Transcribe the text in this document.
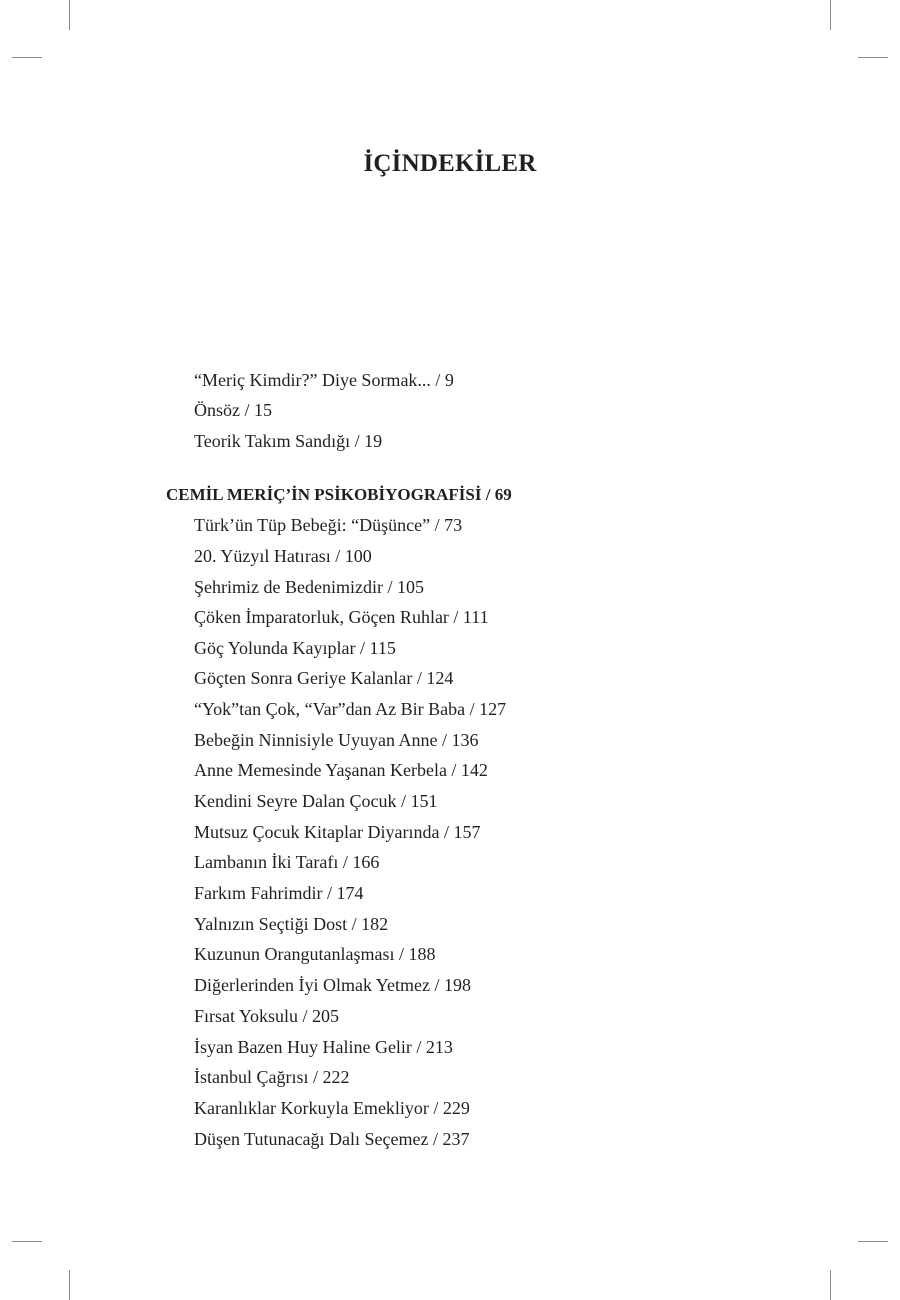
İÇİNDEKİLER
“Meriç Kimdir?” Diye Sormak... / 9
Önsöz / 15
Teorik Takım Sandığı / 19
CEMİL MERİÇ’İN PSİKOBİYOGRAFİSİ / 69
Türk’ün Tüp Bebeği: “Düşünce” / 73
20. Yüzyıl Hatırası / 100
Şehrimiz de Bedenimizdir / 105
Çöken İmparatorluk, Göçen Ruhlar / 111
Göç Yolunda Kayıplar / 115
Göçten Sonra Geriye Kalanlar / 124
“Yok”tan Çok, “Var”dan Az Bir Baba / 127
Bebeğin Ninnisiyle Uyuyan Anne / 136
Anne Memesinde Yaşanan Kerbela / 142
Kendini Seyre Dalan Çocuk / 151
Mutsuz Çocuk Kitaplar Diyarında / 157
Lambanın İki Tarafı / 166
Farkım Fahrimdir / 174
Yalnızın Seçtiği Dost / 182
Kuzunun Orangutanlaşması / 188
Diğerlerinden İyi Olmak Yetmez / 198
Fırsat Yoksulu / 205
İsyan Bazen Huy Haline Gelir / 213
İstanbul Çağrısı / 222
Karanlıklar Korkuyla Emekliyor / 229
Düşen Tutunacağı Dalı Seçemez / 237
